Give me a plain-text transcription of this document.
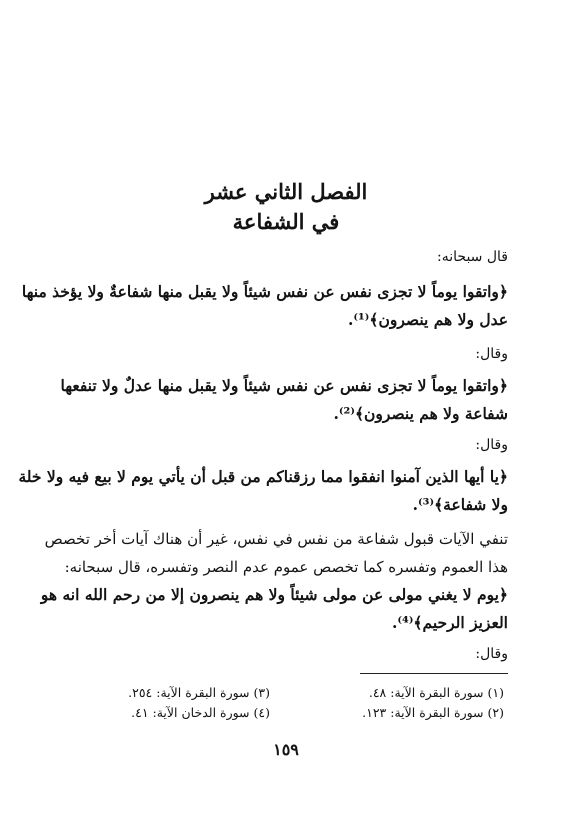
الفصل الثاني عشر
في الشفاعة
قال سبحانه:
﴿واتقوا يوماً لا تجزى نفس عن نفس شيئاً ولا يقبل منها شفاعةٌ ولا يؤخذ منها
عدل ولا هم ينصرون﴾⁽¹⁾.
وقال:
﴿واتقوا يوماً لا تجزى نفس عن نفس شيئاً ولا يقبل منها عدلٌ ولا تنفعها
شفاعة ولا هم ينصرون﴾⁽²⁾.
وقال:
﴿يا أيها الذين آمنوا انفقوا مما رزقناكم من قبل أن يأتي يوم لا بيع فيه ولا خلة
ولا شفاعة﴾⁽³⁾.
تنفي الآيات قبول شفاعة من نفس في نفس، غير أن هناك آيات أخر تخصص
هذا العموم وتفسره كما تخصص عموم عدم النصر وتفسره، قال سبحانه:
﴿يوم لا يغني مولى عن مولى شيئاً ولا هم ينصرون إلا من رحم الله انه هو
العزيز الرحيم﴾⁽⁴⁾.
وقال:
(١) سورة البقرة الآية: ٤٨.
(٢) سورة البقرة الآية: ١٢٣.
(٣) سورة البقرة الآية: ٢٥٤.
(٤) سورة الدخان الآية: ٤١.
١٥٩
